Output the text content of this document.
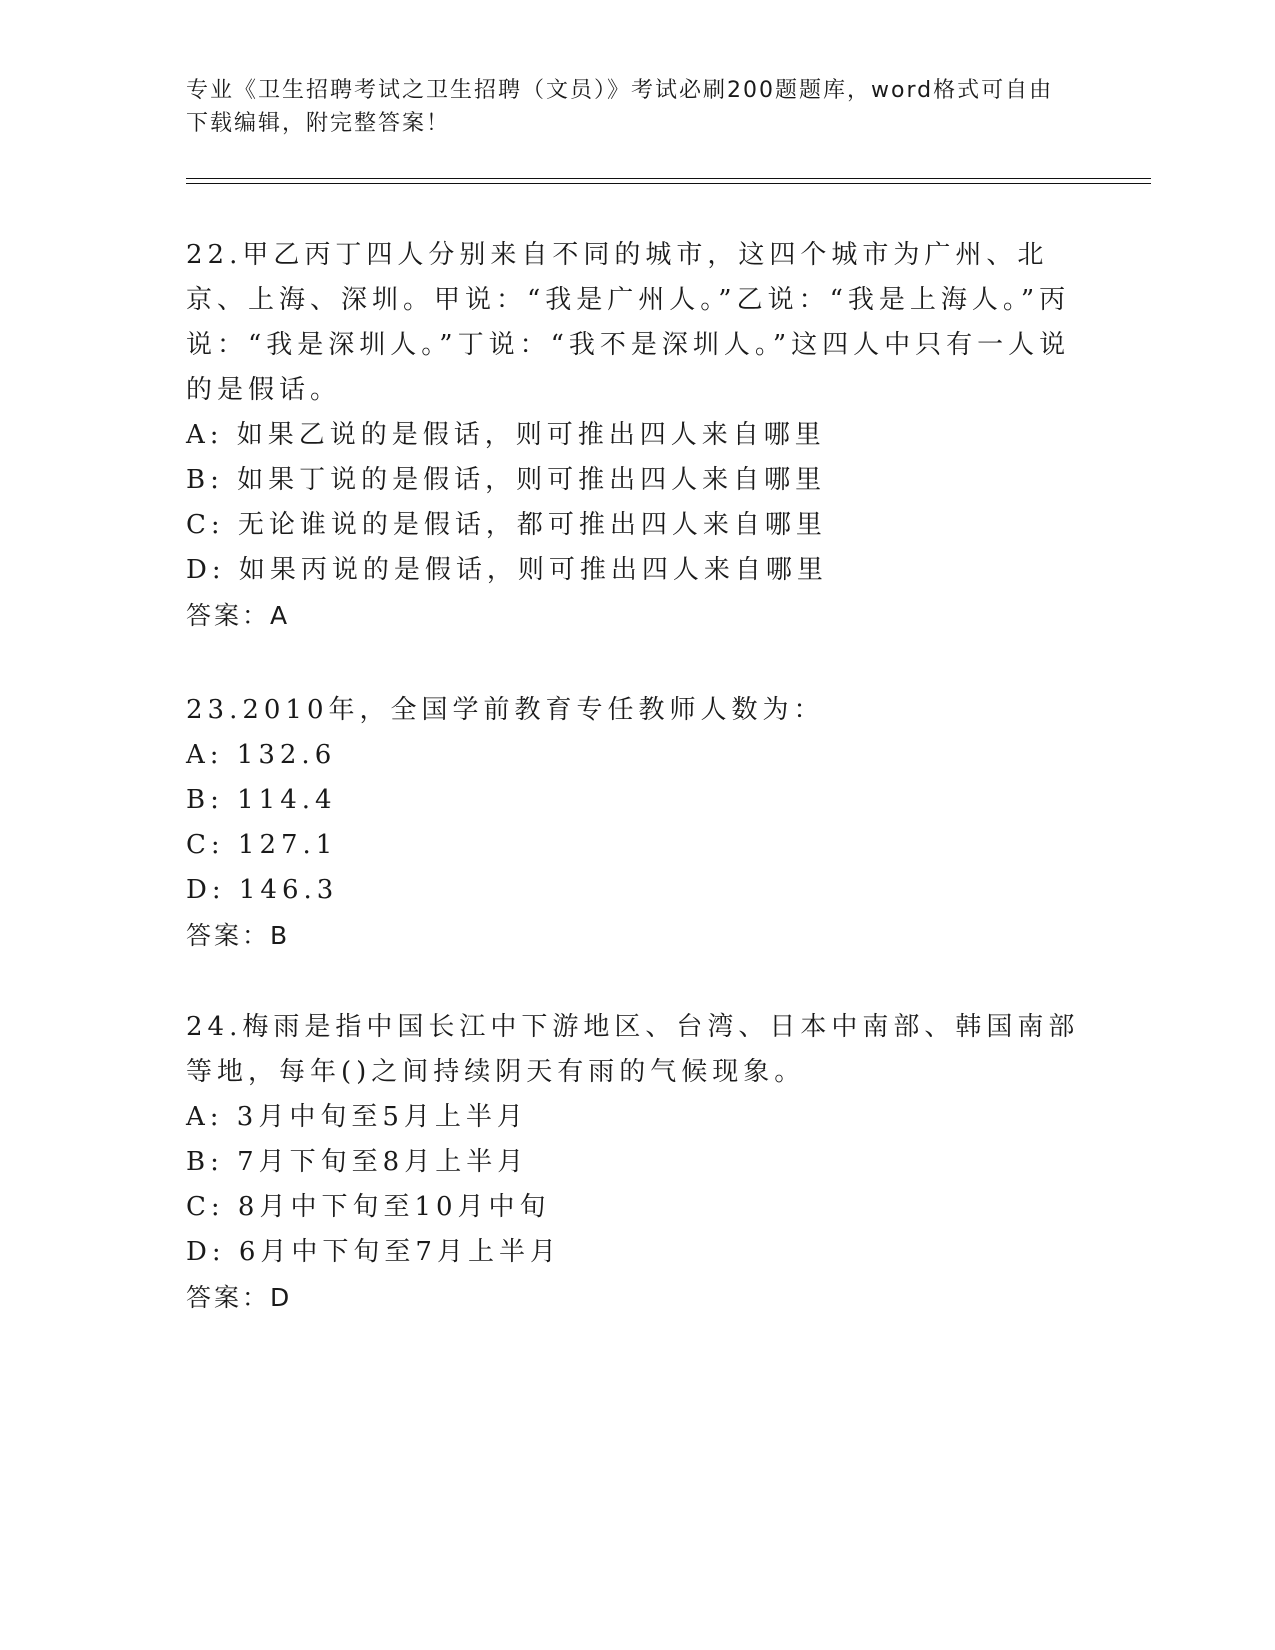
专业《卫生招聘考试之卫生招聘（文员）》考试必刷200题题库，word格式可自由下载编辑，附完整答案！

22.甲乙丙丁四人分别来自不同的城市，这四个城市为广州、北京、上海、深圳。甲说：“我是广州人。”乙说：“我是上海人。”丙说：“我是深圳人。”丁说：“我不是深圳人。”这四人中只有一人说的是假话。

A: 如果乙说的是假话，则可推出四人来自哪里

B: 如果丁说的是假话，则可推出四人来自哪里

C: 无论谁说的是假话，都可推出四人来自哪里

D: 如果丙说的是假话，则可推出四人来自哪里

答案：A

23.2010年，全国学前教育专任教师人数为：

A: 132.6

B: 114.4

C: 127.1

D: 146.3

答案：B

24.梅雨是指中国长江中下游地区、台湾、日本中南部、韩国南部等地，每年()之间持续阴天有雨的气候现象。

A: 3月中旬至5月上半月

B: 7月下旬至8月上半月

C: 8月中下旬至10月中旬

D: 6月中下旬至7月上半月

答案：D
